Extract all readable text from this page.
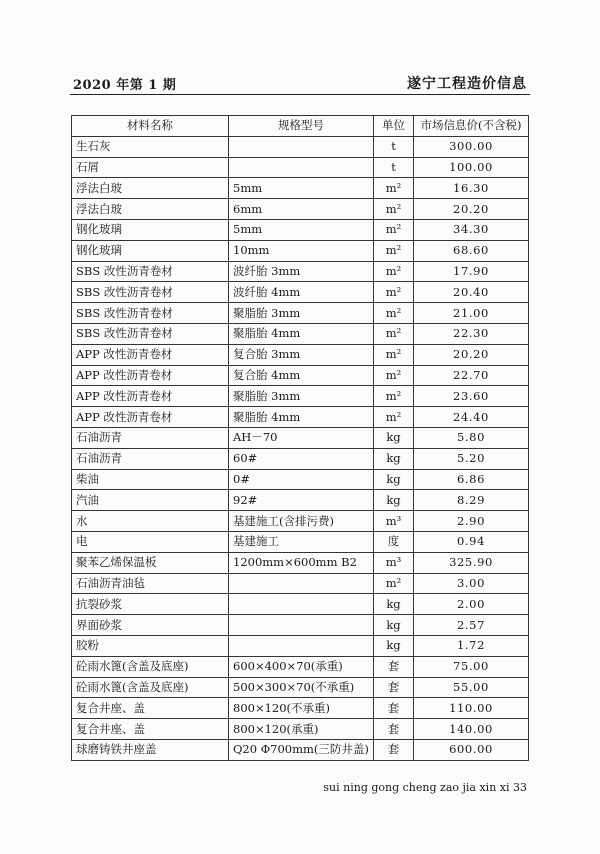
2020 年第 1 期	遂宁工程造价信息
材料名称	规格型号	单位	市场信息价(不含税)
生石灰		t	300.00
石屑		t	100.00
浮法白玻	5mm	m²	16.30
浮法白玻	6mm	m²	20.20
钢化玻璃	5mm	m²	34.30
钢化玻璃	10mm	m²	68.60
SBS 改性沥青卷材	波纤胎 3mm	m²	17.90
SBS 改性沥青卷材	波纤胎 4mm	m²	20.40
SBS 改性沥青卷材	聚脂胎 3mm	m²	21.00
SBS 改性沥青卷材	聚脂胎 4mm	m²	22.30
APP 改性沥青卷材	复合胎 3mm	m²	20.20
APP 改性沥青卷材	复合胎 4mm	m²	22.70
APP 改性沥青卷材	聚脂胎 3mm	m²	23.60
APP 改性沥青卷材	聚脂胎 4mm	m²	24.40
石油沥青	AH－70	kg	5.80
石油沥青	60#	kg	5.20
柴油	0#	kg	6.86
汽油	92#	kg	8.29
水	基建施工(含排污费)	m³	2.90
电	基建施工	度	0.94
聚苯乙烯保温板	1200mm×600mm B2	m³	325.90
石油沥青油毡		m²	3.00
抗裂砂浆		kg	2.00
界面砂浆		kg	2.57
胶粉		kg	1.72
砼雨水篦(含盖及底座)	600×400×70(承重)	套	75.00
砼雨水篦(含盖及底座)	500×300×70(不承重)	套	55.00
复合井座、盖	800×120(不承重)	套	110.00
复合井座、盖	800×120(承重)	套	140.00
球磨铸铁井座盖	Q20 Φ700mm(三防井盖)	套	600.00
sui ning gong cheng zao jia xin xi 33
